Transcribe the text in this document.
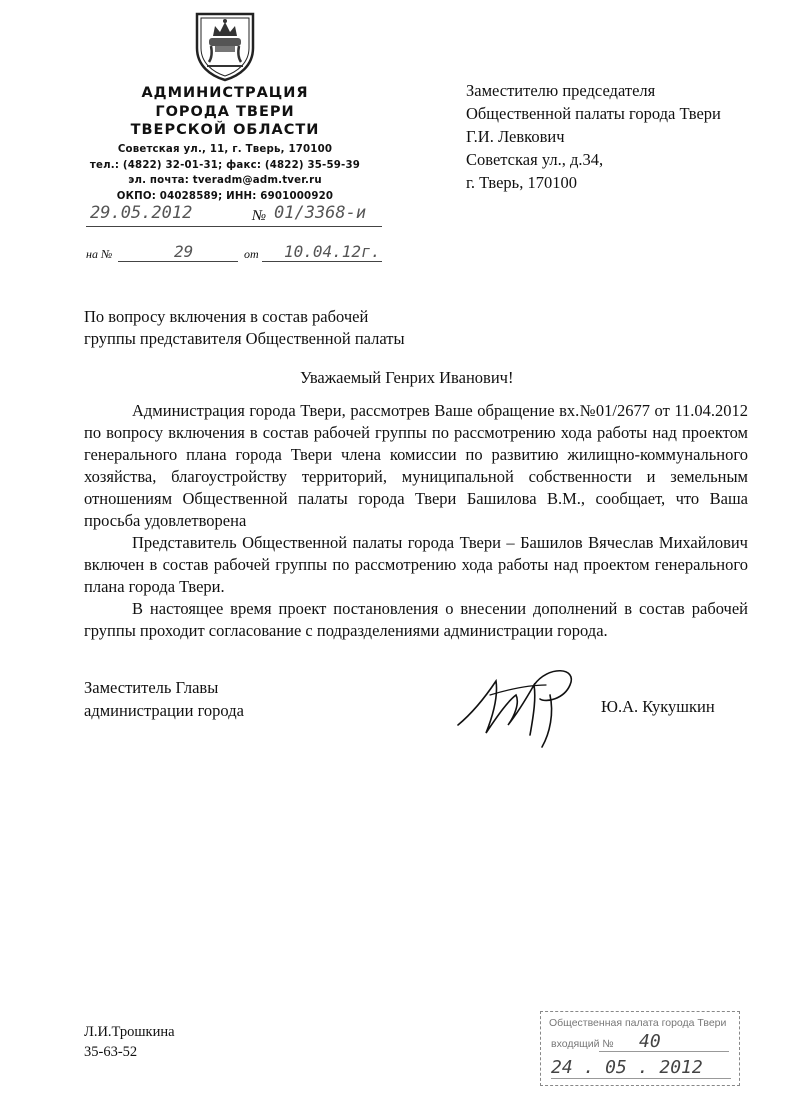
АДМИНИСТРАЦИЯ
ГОРОДА ТВЕРИ
ТВЕРСКОЙ ОБЛАСТИ
Советская ул., 11, г. Тверь, 170100
тел.: (4822) 32-01-31; факс: (4822) 35-59-39
эл. почта: tveradm@adm.tver.ru
ОКПО: 04028589; ИНН: 6901000920
29.05.2012	№ 01/3368-и
на №	29	от 10.04.12г.
Заместителю председателя
Общественной палаты города Твери
Г.И. Левкович
Советская ул., д.34,
г. Тверь, 170100
По вопросу включения в состав рабочей
группы представителя Общественной палаты
Уважаемый Генрих Иванович!

Администрация города Твери, рассмотрев Ваше обращение вх.№01/2677 от 11.04.2012 по вопросу включения в состав рабочей группы по рассмотрению хода работы над проектом генерального плана города Твери члена комиссии по развитию жилищно-коммунального хозяйства, благоустройству территорий, муниципальной собственности и земельным отношениям Общественной палаты города Твери Башилова В.М., сообщает, что Ваша просьба удовлетворена

Представитель Общественной палаты города Твери – Башилов Вячеслав Михайлович включен в состав рабочей группы по рассмотрению хода работы над проектом генерального плана города Твери.

В настоящее время проект постановления о внесении дополнений в состав рабочей группы проходит согласование с подразделениями администрации города.

Заместитель Главы
администрации города	Ю.А. Кукушкин
Л.И.Трошкина
35-63-52
Общественная палата города Твери
входящий № 40
24 . 05 . 2012
